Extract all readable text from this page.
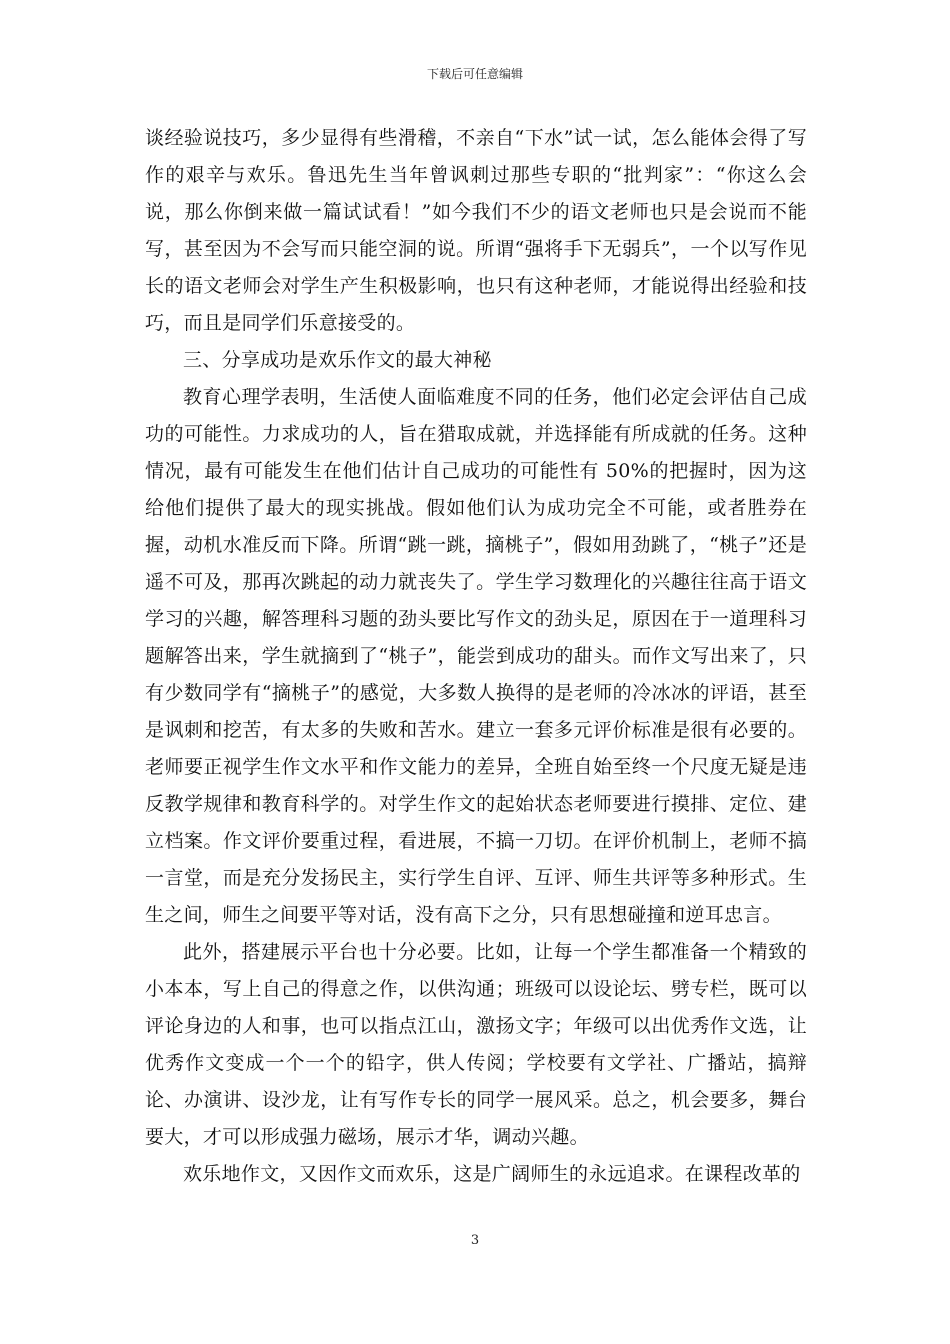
下载后可任意编辑

谈经验说技巧，多少显得有些滑稽，不亲自“下水”试一试，怎么能体会得了写作的艰辛与欢乐。鲁迅先生当年曾讽刺过那些专职的“批判家”：“你这么会说，那么你倒来做一篇试试看！”如今我们不少的语文老师也只是会说而不能写，甚至因为不会写而只能空洞的说。所谓“强将手下无弱兵”，一个以写作见长的语文老师会对学生产生积极影响，也只有这种老师，才能说得出经验和技巧，而且是同学们乐意接受的。

三、分享成功是欢乐作文的最大神秘

教育心理学表明，生活使人面临难度不同的任务，他们必定会评估自己成功的可能性。力求成功的人，旨在猎取成就，并选择能有所成就的任务。这种情况，最有可能发生在他们估计自己成功的可能性有 50%的把握时，因为这给他们提供了最大的现实挑战。假如他们认为成功完全不可能，或者胜券在握，动机水准反而下降。所谓“跳一跳，摘桃子”，假如用劲跳了，“桃子”还是遥不可及，那再次跳起的动力就丧失了。学生学习数理化的兴趣往往高于语文学习的兴趣，解答理科习题的劲头要比写作文的劲头足，原因在于一道理科习题解答出来，学生就摘到了“桃子”，能尝到成功的甜头。而作文写出来了，只有少数同学有“摘桃子”的感觉，大多数人换得的是老师的冷冰冰的评语，甚至是讽刺和挖苦，有太多的失败和苦水。建立一套多元评价标准是很有必要的。老师要正视学生作文水平和作文能力的差异，全班自始至终一个尺度无疑是违反教学规律和教育科学的。对学生作文的起始状态老师要进行摸排、定位、建立档案。作文评价要重过程，看进展，不搞一刀切。在评价机制上，老师不搞一言堂，而是充分发扬民主，实行学生自评、互评、师生共评等多种形式。生生之间，师生之间要平等对话，没有高下之分，只有思想碰撞和逆耳忠言。

此外，搭建展示平台也十分必要。比如，让每一个学生都准备一个精致的小本本，写上自己的得意之作，以供沟通；班级可以设论坛、劈专栏，既可以评论身边的人和事，也可以指点江山，激扬文字；年级可以出优秀作文选，让优秀作文变成一个一个的铅字，供人传阅；学校要有文学社、广播站，搞辩论、办演讲、设沙龙，让有写作专长的同学一展风采。总之，机会要多，舞台要大，才可以形成强力磁场，展示才华，调动兴趣。

欢乐地作文，又因作文而欢乐，这是广阔师生的永远追求。在课程改革的

3
